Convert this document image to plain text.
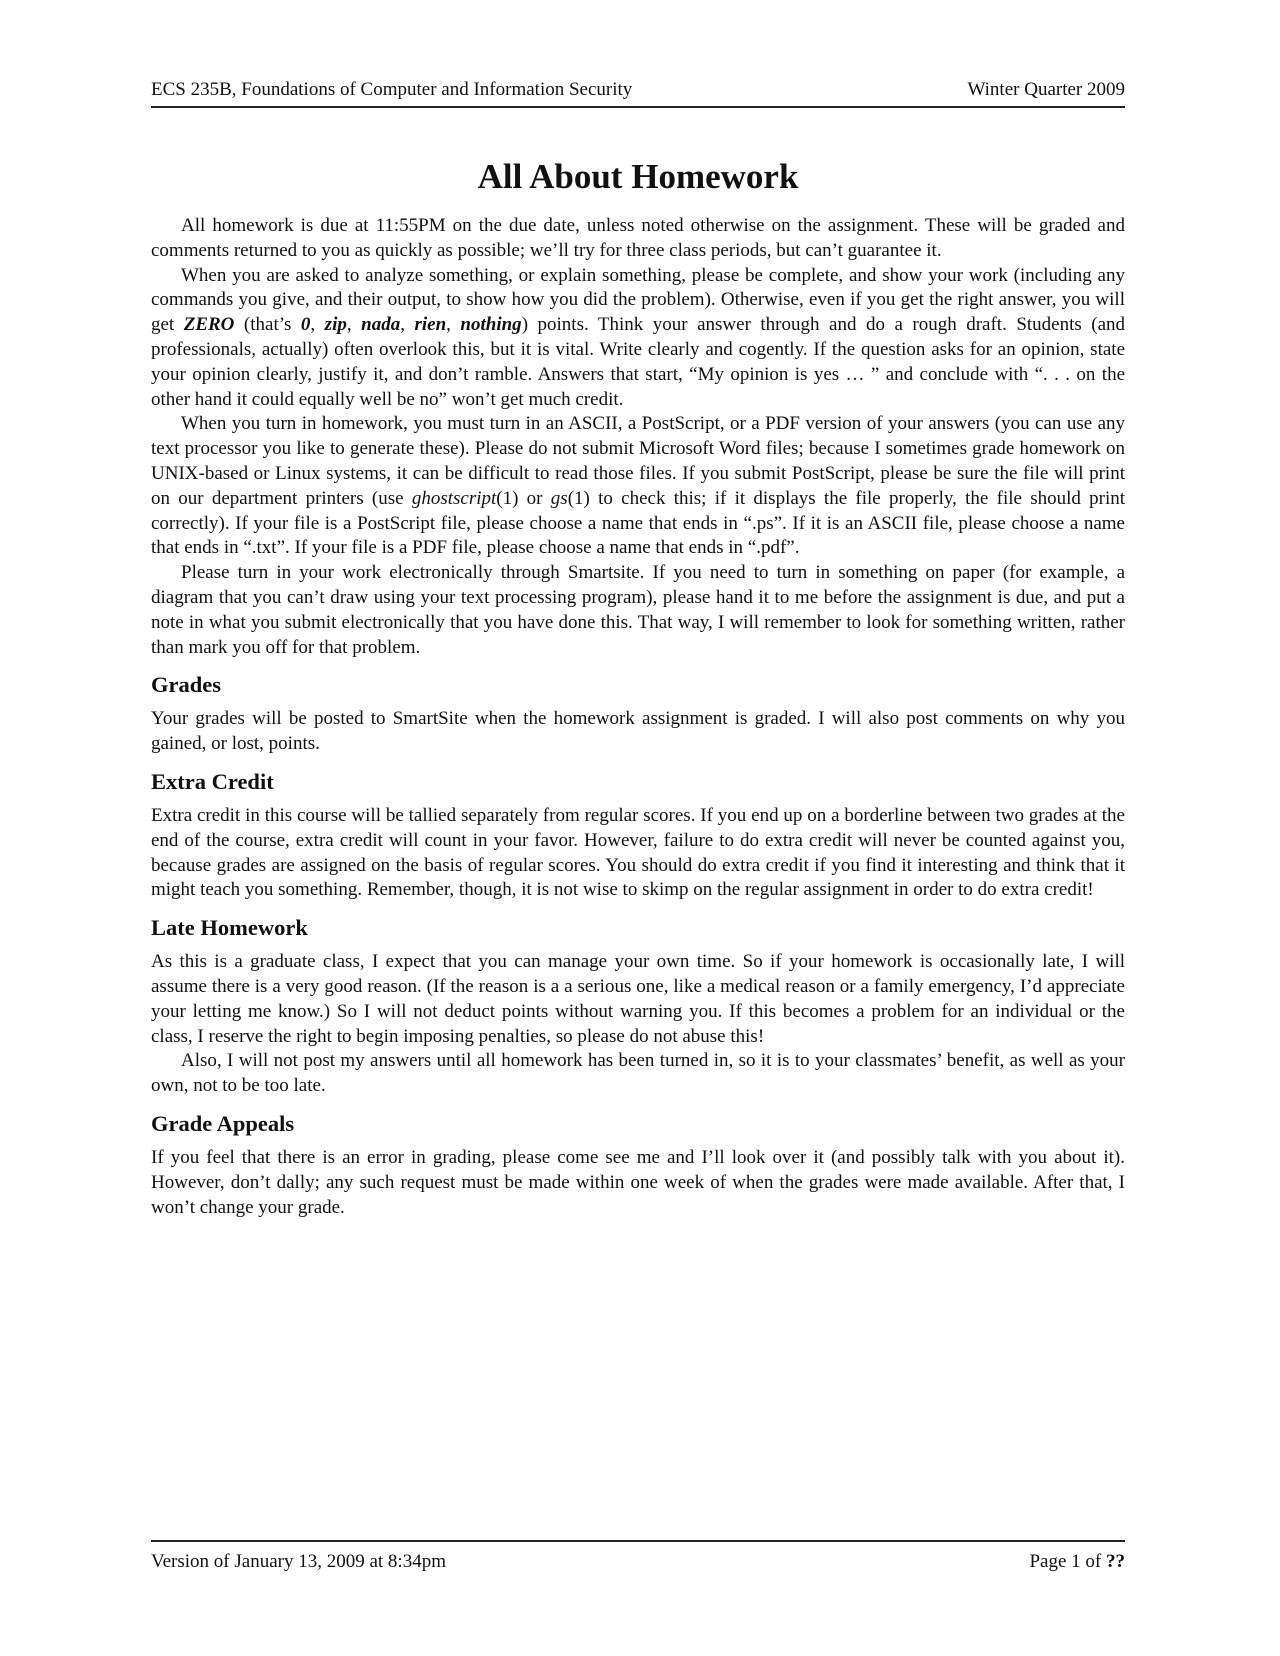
ECS 235B, Foundations of Computer and Information Security	Winter Quarter 2009
All About Homework

All homework is due at 11:55PM on the due date, unless noted otherwise on the assignment. These will be graded and comments returned to you as quickly as possible; we’ll try for three class periods, but can’t guarantee it.

When you are asked to analyze something, or explain something, please be complete, and show your work (including any commands you give, and their output, to show how you did the problem). Otherwise, even if you get the right answer, you will get ZERO (that’s 0, zip, nada, rien, nothing) points. Think your answer through and do a rough draft. Students (and professionals, actually) often overlook this, but it is vital. Write clearly and cogently. If the question asks for an opinion, state your opinion clearly, justify it, and don’t ramble. Answers that start, “My opinion is yes … ” and conclude with “. . . on the other hand it could equally well be no” won’t get much credit.

When you turn in homework, you must turn in an ASCII, a PostScript, or a PDF version of your answers (you can use any text processor you like to generate these). Please do not submit Microsoft Word files; because I sometimes grade homework on UNIX-based or Linux systems, it can be difficult to read those files. If you submit PostScript, please be sure the file will print on our department printers (use ghostscript(1) or gs(1) to check this; if it displays the file properly, the file should print correctly). If your file is a PostScript file, please choose a name that ends in “.ps”. If it is an ASCII file, please choose a name that ends in “.txt”. If your file is a PDF file, please choose a name that ends in “.pdf”.

Please turn in your work electronically through Smartsite. If you need to turn in something on paper (for example, a diagram that you can’t draw using your text processing program), please hand it to me before the assignment is due, and put a note in what you submit electronically that you have done this. That way, I will remember to look for something written, rather than mark you off for that problem.

Grades

Your grades will be posted to SmartSite when the homework assignment is graded. I will also post comments on why you gained, or lost, points.

Extra Credit

Extra credit in this course will be tallied separately from regular scores. If you end up on a borderline between two grades at the end of the course, extra credit will count in your favor. However, failure to do extra credit will never be counted against you, because grades are assigned on the basis of regular scores. You should do extra credit if you find it interesting and think that it might teach you something. Remember, though, it is not wise to skimp on the regular assignment in order to do extra credit!

Late Homework

As this is a graduate class, I expect that you can manage your own time. So if your homework is occasionally late, I will assume there is a very good reason. (If the reason is a a serious one, like a medical reason or a family emergency, I’d appreciate your letting me know.) So I will not deduct points without warning you. If this becomes a problem for an individual or the class, I reserve the right to begin imposing penalties, so please do not abuse this!

Also, I will not post my answers until all homework has been turned in, so it is to your classmates’ benefit, as well as your own, not to be too late.

Grade Appeals

If you feel that there is an error in grading, please come see me and I’ll look over it (and possibly talk with you about it). However, don’t dally; any such request must be made within one week of when the grades were made available. After that, I won’t change your grade.

Version of January 13, 2009 at 8:34pm	Page 1 of ??
